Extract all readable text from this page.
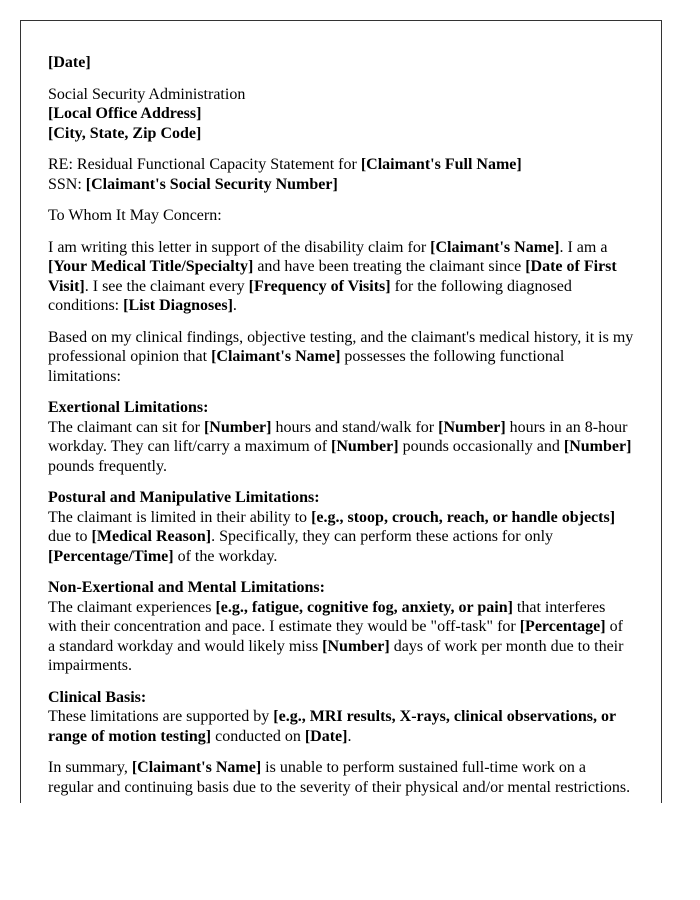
[Date]

Social Security Administration
[Local Office Address]
[City, State, Zip Code]

RE: Residual Functional Capacity Statement for [Claimant's Full Name]
SSN: [Claimant's Social Security Number]

To Whom It May Concern:

I am writing this letter in support of the disability claim for [Claimant's Name]. I am a [Your Medical Title/Specialty] and have been treating the claimant since [Date of First Visit]. I see the claimant every [Frequency of Visits] for the following diagnosed conditions: [List Diagnoses].

Based on my clinical findings, objective testing, and the claimant's medical history, it is my professional opinion that [Claimant's Name] possesses the following functional limitations:

Exertional Limitations:
The claimant can sit for [Number] hours and stand/walk for [Number] hours in an 8-hour workday. They can lift/carry a maximum of [Number] pounds occasionally and [Number] pounds frequently.

Postural and Manipulative Limitations:
The claimant is limited in their ability to [e.g., stoop, crouch, reach, or handle objects] due to [Medical Reason]. Specifically, they can perform these actions for only [Percentage/Time] of the workday.

Non-Exertional and Mental Limitations:
The claimant experiences [e.g., fatigue, cognitive fog, anxiety, or pain] that interferes with their concentration and pace. I estimate they would be "off-task" for [Percentage] of a standard workday and would likely miss [Number] days of work per month due to their impairments.

Clinical Basis:
These limitations are supported by [e.g., MRI results, X-rays, clinical observations, or range of motion testing] conducted on [Date].

In summary, [Claimant's Name] is unable to perform sustained full-time work on a regular and continuing basis due to the severity of their physical and/or mental restrictions.
